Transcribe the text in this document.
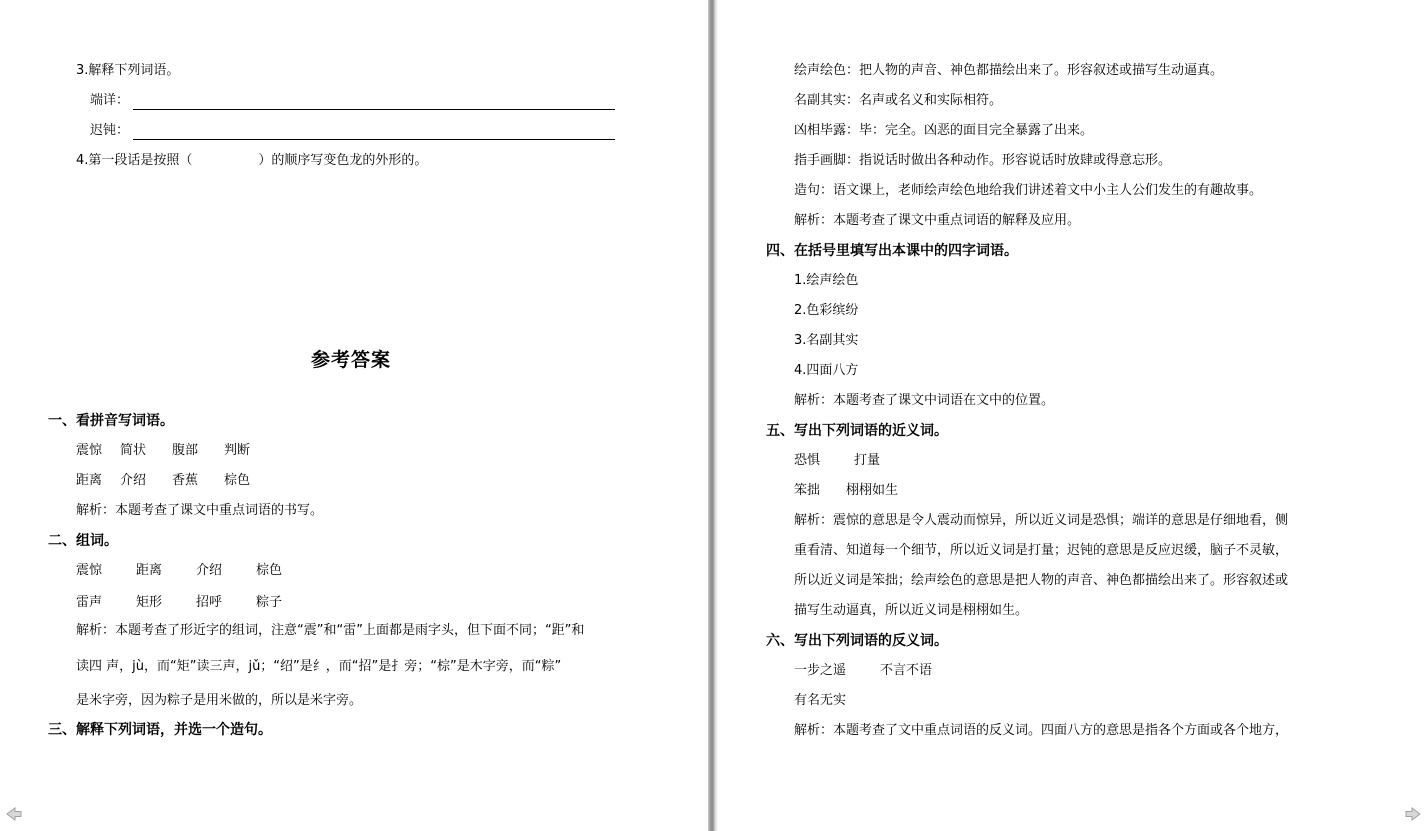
3.解释下列词语。
端详：
迟钝：
4.第一段话是按照（	）的顺序写变色龙的外形的。
参考答案
一、看拼音写词语。
震惊 简状 腹部 判断
距离 介绍 香蕉 棕色
解析：本题考查了课文中重点词语的书写。
二、组词。
震惊	距离	介绍	棕色
雷声	矩形	招呼	粽子
解析：本题考查了形近字的组词，注意“震”和“雷”上面都是雨字头，但下面不同；“距”和
读四 声，jù，而“矩”读三声，jǔ；“绍”是纟，而“招”是扌旁；“棕”是木字旁，而“粽”
是米字旁，因为粽子是用米做的，所以是米字旁。
三、解释下列词语，并选一个造句。
绘声绘色：把人物的声音、神色都描绘出来了。形容叙述或描写生动逼真。
名副其实：名声或名义和实际相符。
凶相毕露：毕：完全。凶恶的面目完全暴露了出来。
指手画脚：指说话时做出各种动作。形容说话时放肆或得意忘形。
造句：语文课上，老师绘声绘色地给我们讲述着文中小主人公们发生的有趣故事。
解析：本题考查了课文中重点词语的解释及应用。
四、在括号里填写出本课中的四字词语。
1.绘声绘色
2.色彩缤纷
3.名副其实
4.四面八方
解析：本题考查了课文中词语在文中的位置。
五、写出下列词语的近义词。
恐惧	打量
笨拙 栩栩如生
解析：震惊的意思是令人震动而惊异，所以近义词是恐惧；端详的意思是仔细地看，侧
重看清、知道每一个细节，所以近义词是打量；迟钝的意思是反应迟缓，脑子不灵敏，
所以近义词是笨拙；绘声绘色的意思是把人物的声音、神色都描绘出来了。形容叙述或
描写生动逼真，所以近义词是栩栩如生。
六、写出下列词语的反义词。
一步之遥	不言不语
有名无实
解析：本题考查了文中重点词语的反义词。四面八方的意思是指各个方面或各个地方，
